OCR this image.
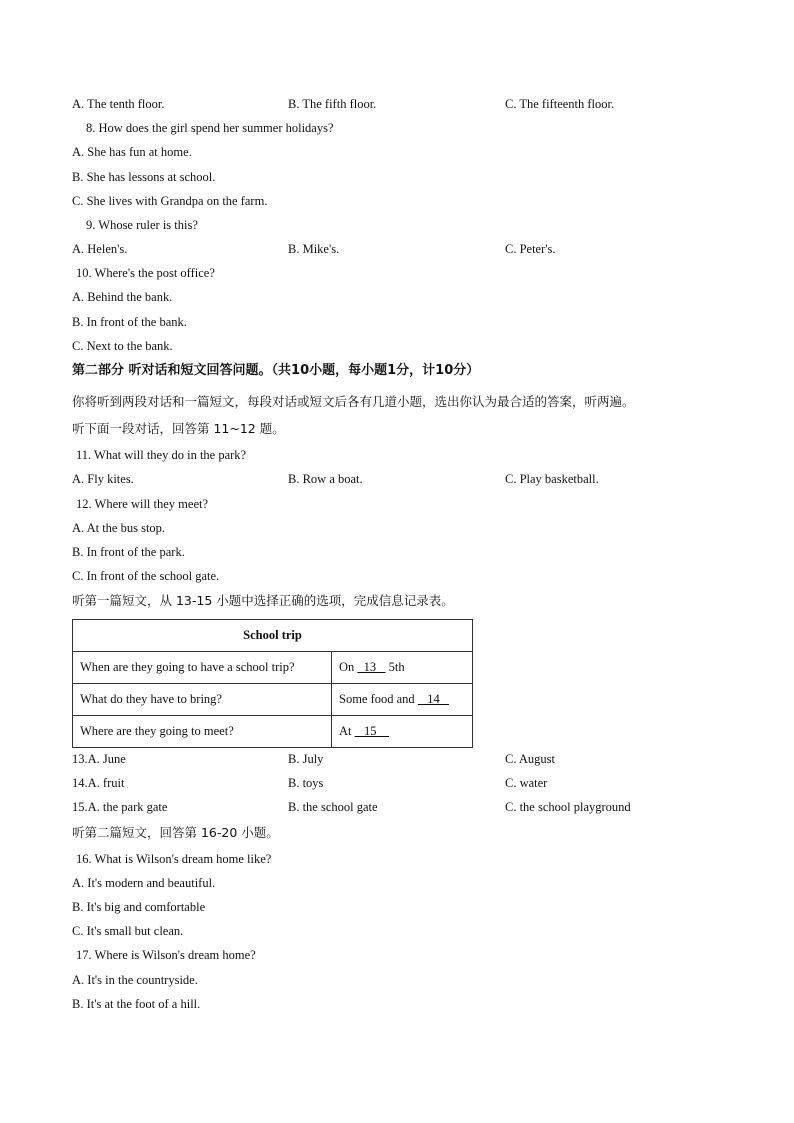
A. The tenth floor.	B. The fifth floor.	C. The fifteenth floor.
8. How does the girl spend her summer holidays?
A. She has fun at home.
B. She has lessons at school.
C. She lives with Grandpa on the farm.
9. Whose ruler is this?
A. Helen's.	B. Mike's.	C. Peter's.
10. Where's the post office?
A. Behind the bank.
B. In front of the bank.
C. Next to the bank.
第二部分 听对话和短文回答问题。（共10小题，每小题1分，计10分）
你将听到两段对话和一篇短文，每段对话或短文后各有几道小题，选出你认为最合适的答案，听两遍。
听下面一段对话，回答第 11~12 题。
11. What will they do in the park?
A. Fly kites.	B. Row a boat.	C. Play basketball.
12. Where will they meet?
A. At the bus stop.
B. In front of the park.
C. In front of the school gate.
听第一篇短文，从 13-15 小题中选择正确的选项，完成信息记录表。
School trip	
When are they going to have a school trip?	On   13    5th
What do they have to bring?	Some food and    14
Where are they going to meet?	At    15
13.A. June	B. July	C. August
14.A. fruit	B. toys	C. water
15.A. the park gate	B. the school gate	C. the school playground
听第二篇短文，回答第 16-20 小题。
16. What is Wilson's dream home like?
A. It's modern and beautiful.
B. It's big and comfortable
C. It's small but clean.
17. Where is Wilson's dream home?
A. It's in the countryside.
B. It's at the foot of a hill.
